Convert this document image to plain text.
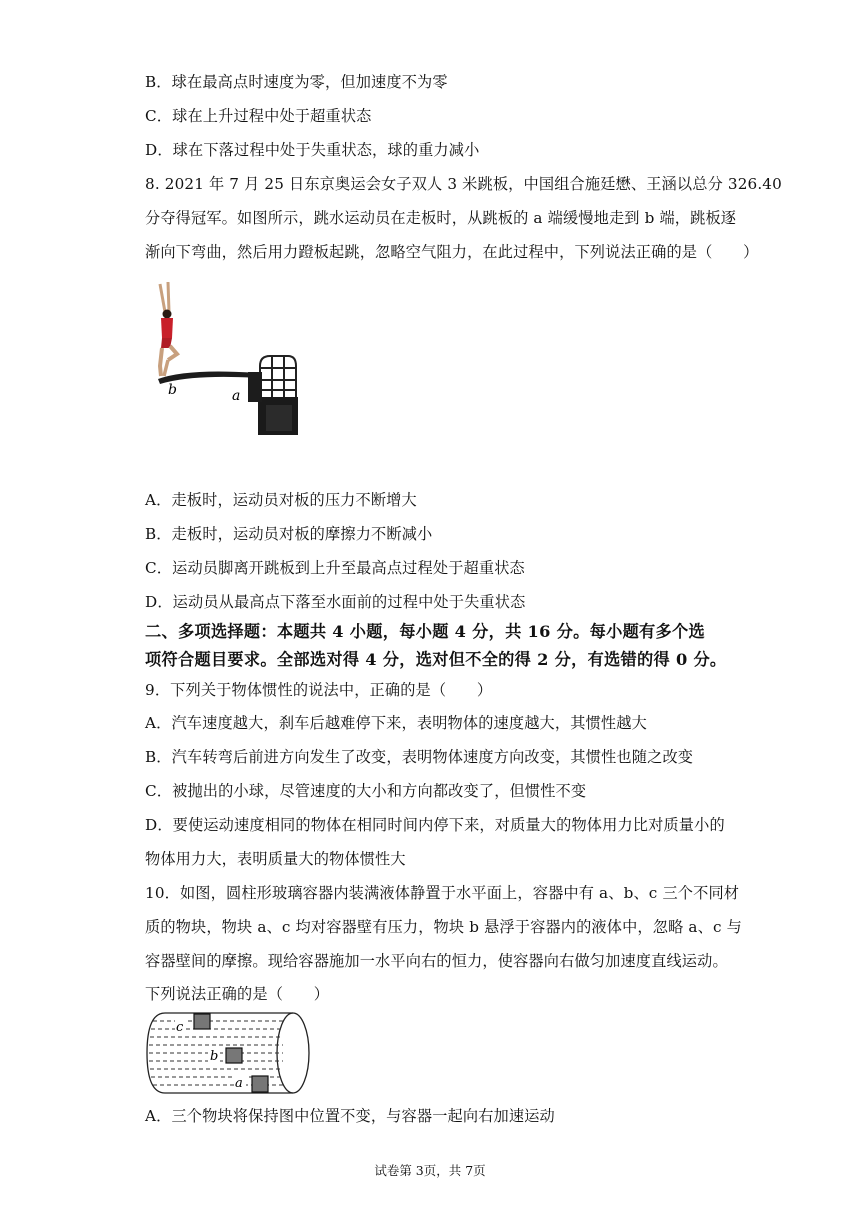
B．球在最高点时速度为零，但加速度不为零

C．球在上升过程中处于超重状态

D．球在下落过程中处于失重状态，球的重力减小

8. 2021 年 7 月 25 日东京奥运会女子双人 3 米跳板，中国组合施廷懋、王涵以总分 326.40

分夺得冠军。如图所示，跳水运动员在走板时，从跳板的 a 端缓慢地走到 b 端，跳板逐

渐向下弯曲，然后用力蹬板起跳，忽略空气阻力，在此过程中，下列说法正确的是（　　）

a
b

A．走板时，运动员对板的压力不断增大

B．走板时，运动员对板的摩擦力不断减小

C．运动员脚离开跳板到上升至最高点过程处于超重状态

D．运动员从最高点下落至水面前的过程中处于失重状态

二、多项选择题：本题共 4 小题，每小题 4 分，共 16 分。每小题有多个选

项符合题目要求。全部选对得 4 分，选对但不全的得 2 分，有选错的得 0 分。

9．下列关于物体惯性的说法中，正确的是（　　）

A．汽车速度越大，刹车后越难停下来，表明物体的速度越大，其惯性越大

B．汽车转弯后前进方向发生了改变，表明物体速度方向改变，其惯性也随之改变

C．被抛出的小球，尽管速度的大小和方向都改变了，但惯性不变

D．要使运动速度相同的物体在相同时间内停下来，对质量大的物体用力比对质量小的

物体用力大，表明质量大的物体惯性大

10．如图，圆柱形玻璃容器内装满液体静置于水平面上，容器中有 a、b、c 三个不同材

质的物块，物块 a、c 均对容器壁有压力，物块 b 悬浮于容器内的液体中，忽略 a、c 与

容器壁间的摩擦。现给容器施加一水平向右的恒力，使容器向右做匀加速度直线运动。

下列说法正确的是（　　）

c
b
a

A．三个物块将保持图中位置不变，与容器一起向右加速运动

试卷第 3页，共 7页
